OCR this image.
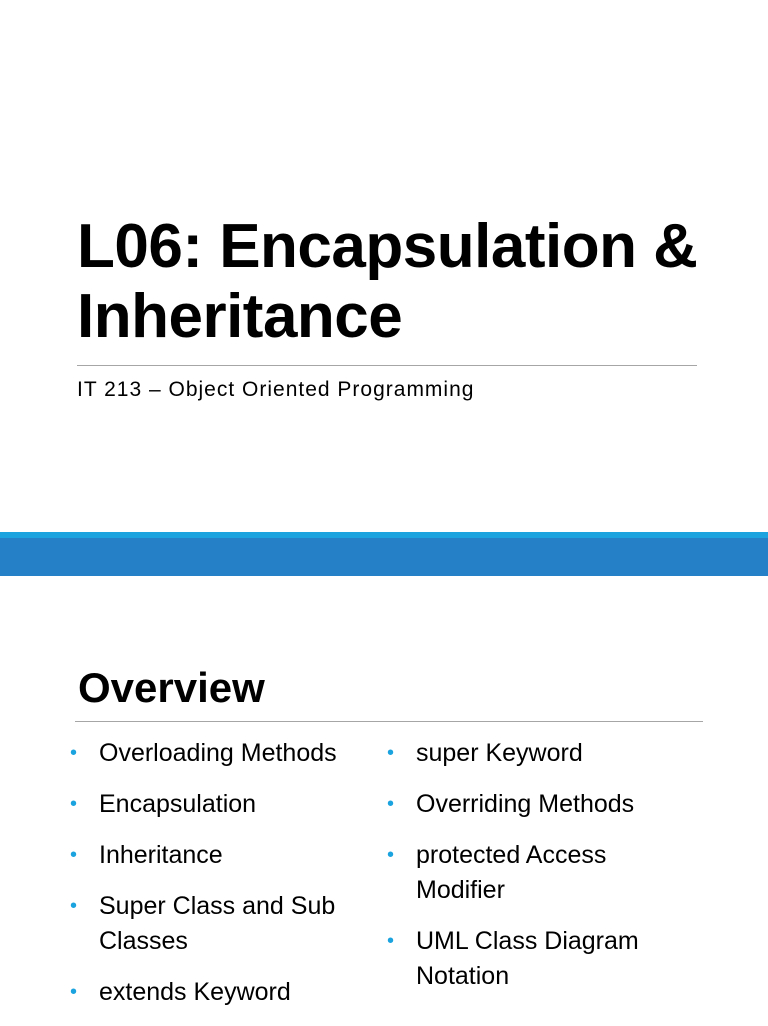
L06: Encapsulation &
Inheritance

IT 213 – Object Oriented Programming

Overview
• Overloading Methods
• Encapsulation
• Inheritance
• Super Class and Sub Classes
• extends Keyword
• super Keyword
• Overriding Methods
• protected Access Modifier
• UML Class Diagram Notation
